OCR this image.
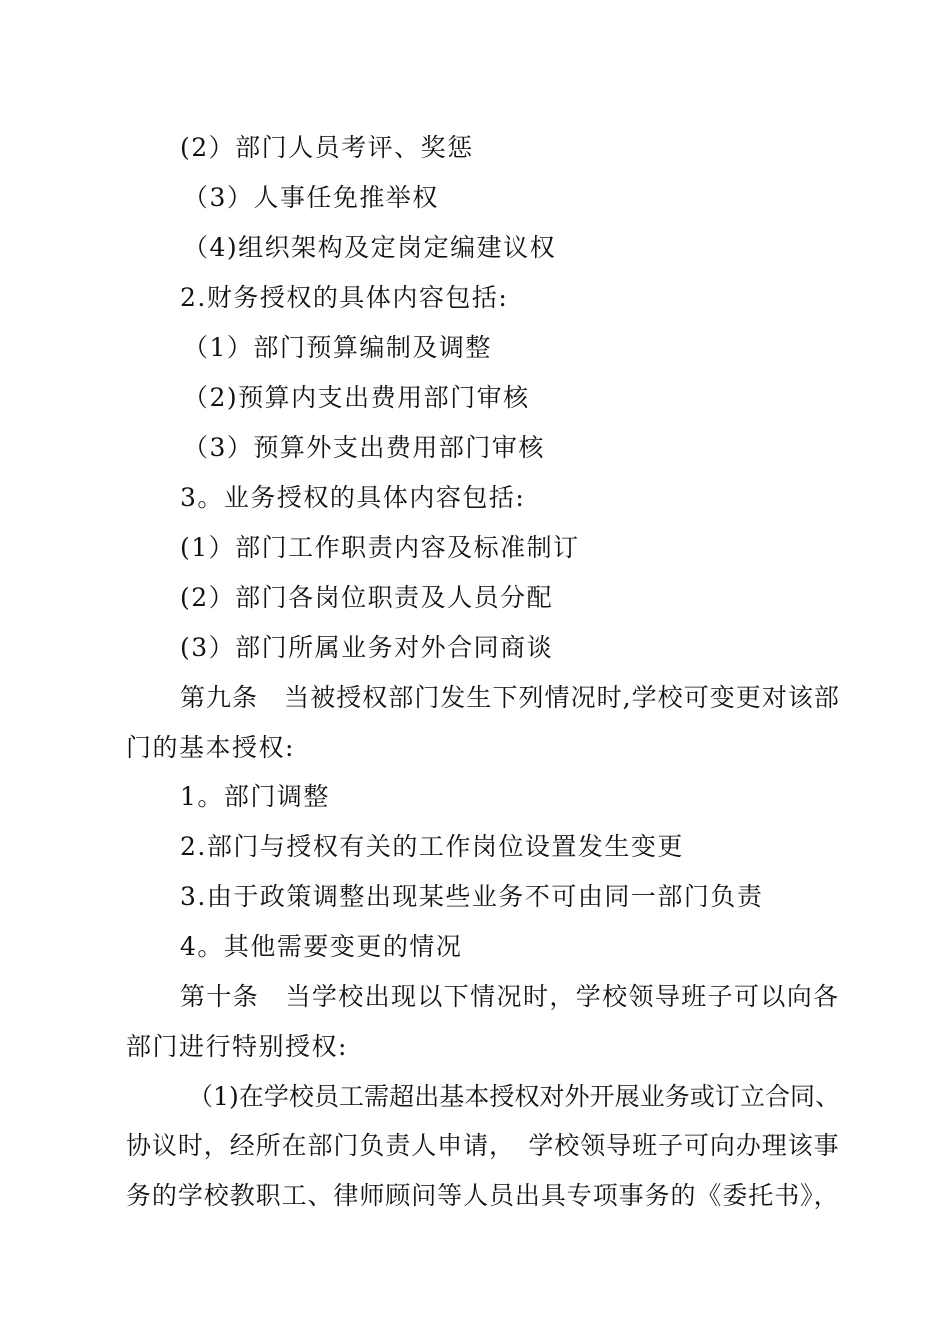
(2）部门人员考评、奖惩
（3）人事任免推举权
（4)组织架构及定岗定编建议权
2.财务授权的具体内容包括:
（1）部门预算编制及调整
（2)预算内支出费用部门审核
（3）预算外支出费用部门审核
3。业务授权的具体内容包括:
(1）部门工作职责内容及标准制订
(2）部门各岗位职责及人员分配
(3）部门所属业务对外合同商谈
第九条　当被授权部门发生下列情况时,学校可变更对该部
门的基本授权:
1。部门调整
2.部门与授权有关的工作岗位设置发生变更
3.由于政策调整出现某些业务不可由同一部门负责
4。其他需要变更的情况
第十条　当学校出现以下情况时，学校领导班子可以向各
部门进行特别授权:
（1)在学校员工需超出基本授权对外开展业务或订立合同、
协议时，经所在部门负责人申请，　学校领导班子可向办理该事
务的学校教职工、律师顾问等人员出具专项事务的《委托书》，
